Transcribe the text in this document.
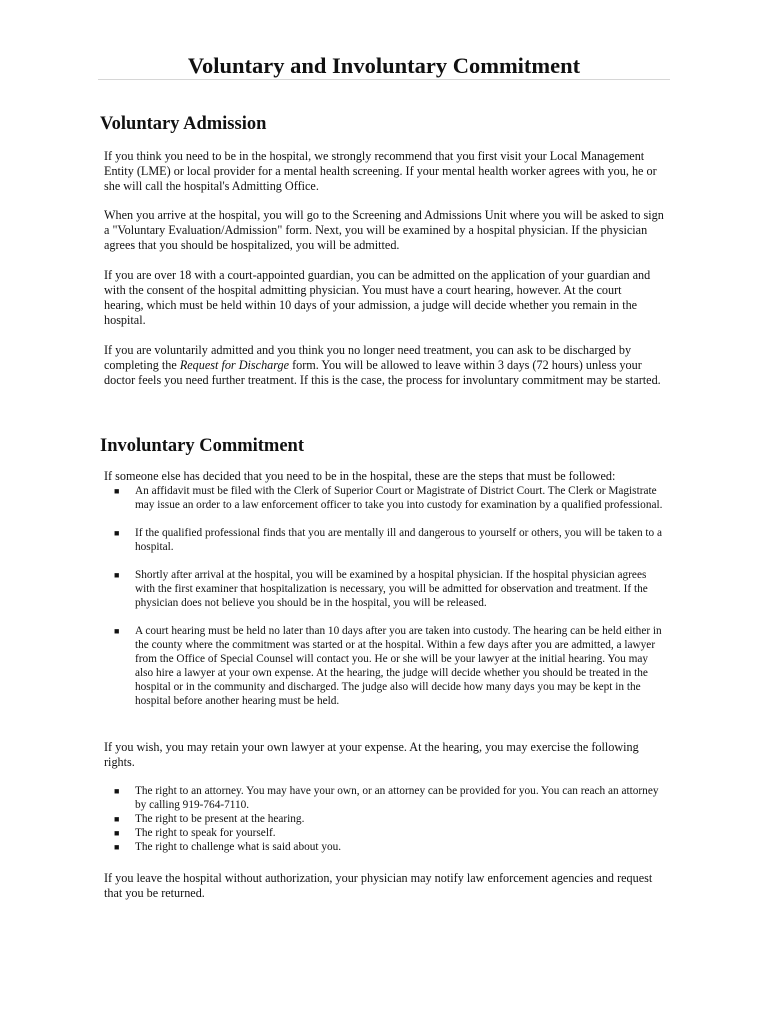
Voluntary and Involuntary Commitment
Voluntary Admission

If you think you need to be in the hospital, we strongly recommend that you first visit your Local Management Entity (LME) or local provider for a mental health screening. If your mental health worker agrees with you, he or she will call the hospital's Admitting Office.

When you arrive at the hospital, you will go to the Screening and Admissions Unit where you will be asked to sign a "Voluntary Evaluation/Admission" form. Next, you will be examined by a hospital physician. If the physician agrees that you should be hospitalized, you will be admitted.

If you are over 18 with a court-appointed guardian, you can be admitted on the application of your guardian and with the consent of the hospital admitting physician. You must have a court hearing, however. At the court hearing, which must be held within 10 days of your admission, a judge will decide whether you remain in the hospital.

If you are voluntarily admitted and you think you no longer need treatment, you can ask to be discharged by completing the Request for Discharge form. You will be allowed to leave within 3 days (72 hours) unless your doctor feels you need further treatment. If this is the case, the process for involuntary commitment may be started.

Involuntary Commitment

If someone else has decided that you need to be in the hospital, these are the steps that must be followed:

■ An affidavit must be filed with the Clerk of Superior Court or Magistrate of District Court. The Clerk or Magistrate may issue an order to a law enforcement officer to take you into custody for examination by a qualified professional.
■ If the qualified professional finds that you are mentally ill and dangerous to yourself or others, you will be taken to a hospital.
■ Shortly after arrival at the hospital, you will be examined by a hospital physician. If the hospital physician agrees with the first examiner that hospitalization is necessary, you will be admitted for observation and treatment. If the physician does not believe you should be in the hospital, you will be released.
■ A court hearing must be held no later than 10 days after you are taken into custody. The hearing can be held either in the county where the commitment was started or at the hospital. Within a few days after you are admitted, a lawyer from the Office of Special Counsel will contact you. He or she will be your lawyer at the initial hearing. You may also hire a lawyer at your own expense. At the hearing, the judge will decide whether you should be treated in the hospital or in the community and discharged. The judge also will decide how many days you may be kept in the hospital before another hearing must be held.

If you wish, you may retain your own lawyer at your expense. At the hearing, you may exercise the following rights.

■ The right to an attorney. You may have your own, or an attorney can be provided for you. You can reach an attorney by calling 919-764-7110.
■ The right to be present at the hearing.
■ The right to speak for yourself.
■ The right to challenge what is said about you.

If you leave the hospital without authorization, your physician may notify law enforcement agencies and request that you be returned.
